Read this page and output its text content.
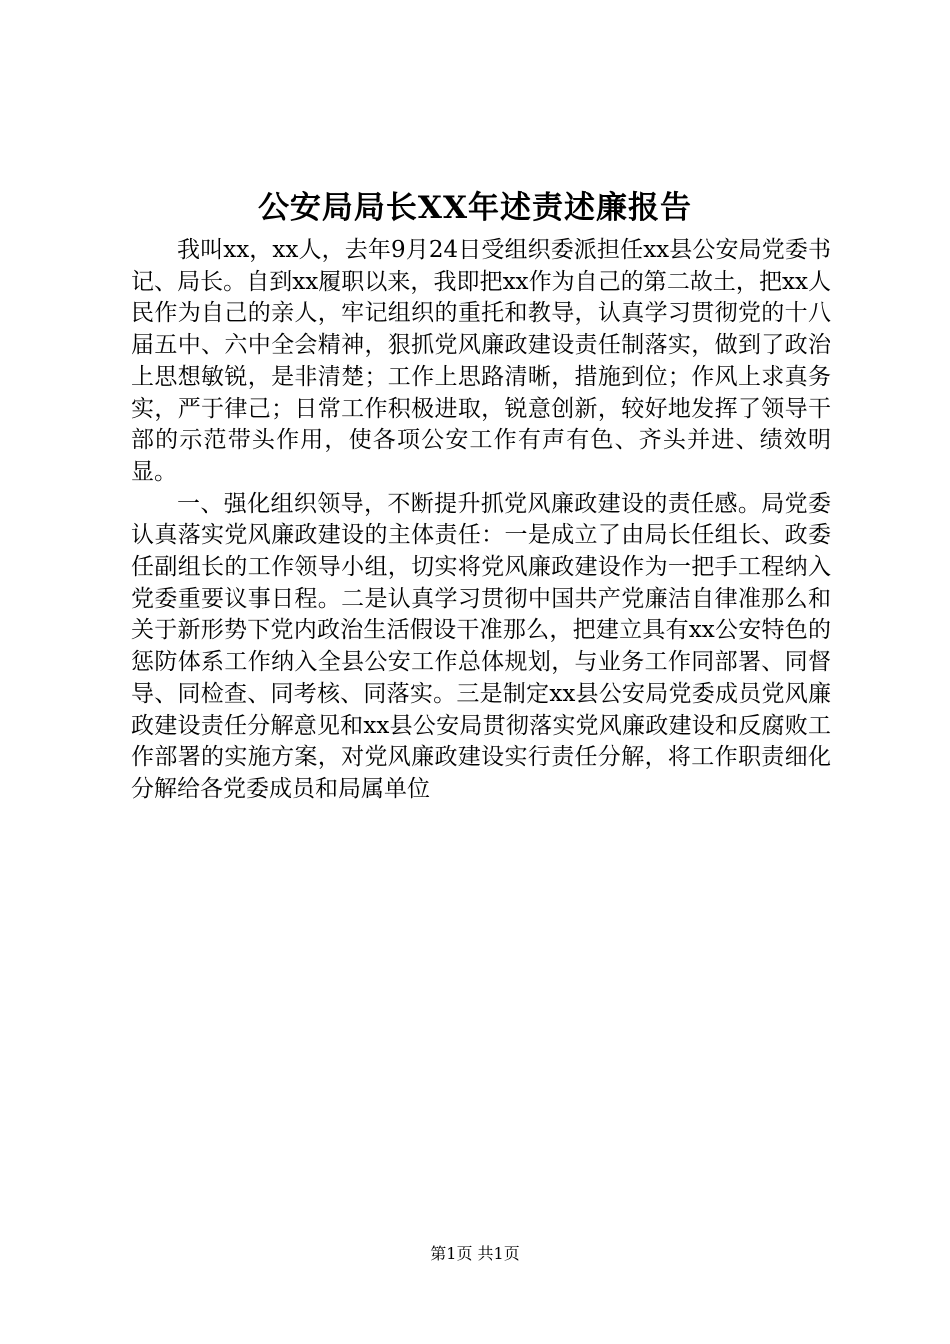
公安局局长XX年述责述廉报告

我叫xx，xx人，去年9月24日受组织委派担任xx县公安局党委书记、局长。自到xx履职以来，我即把xx作为自己的第二故土，把xx人民作为自己的亲人，牢记组织的重托和教导，认真学习贯彻党的十八届五中、六中全会精神，狠抓党风廉政建设责任制落实，做到了政治上思想敏锐，是非清楚；工作上思路清晰，措施到位；作风上求真务实，严于律己；日常工作积极进取，锐意创新，较好地发挥了领导干部的示范带头作用，使各项公安工作有声有色、齐头并进、绩效明显。

一、强化组织领导，不断提升抓党风廉政建设的责任感。局党委认真落实党风廉政建设的主体责任：一是成立了由局长任组长、政委任副组长的工作领导小组，切实将党风廉政建设作为一把手工程纳入党委重要议事日程。二是认真学习贯彻中国共产党廉洁自律准那么和关于新形势下党内政治生活假设干准那么，把建立具有xx公安特色的惩防体系工作纳入全县公安工作总体规划，与业务工作同部署、同督导、同检查、同考核、同落实。三是制定xx县公安局党委成员党风廉政建设责任分解意见和xx县公安局贯彻落实党风廉政建设和反腐败工作部署的实施方案，对党风廉政建设实行责任分解，将工作职责细化分解给各党委成员和局属单位

第1页 共1页
